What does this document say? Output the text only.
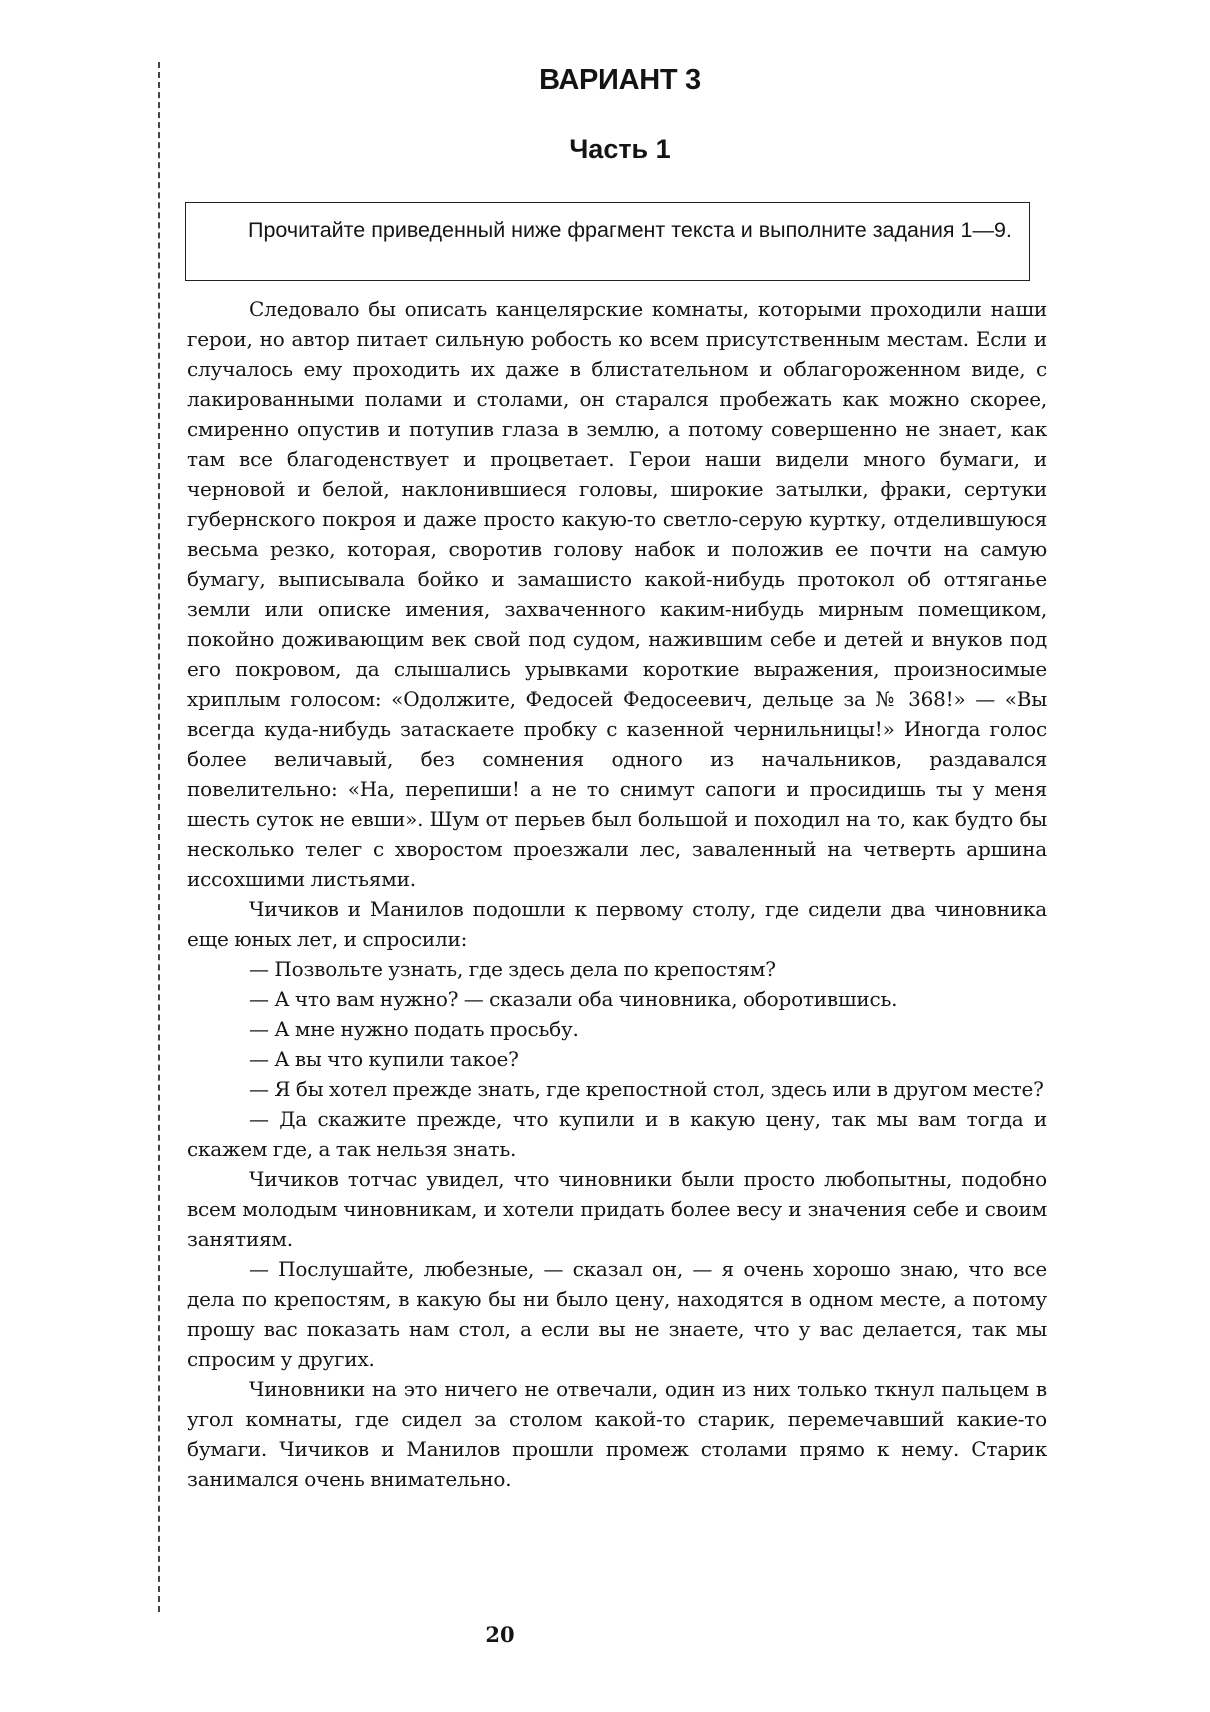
ВАРИАНТ 3
Часть 1

Прочитайте приведенный ниже фрагмент текста и выполните задания 1—9.

Следовало бы описать канцелярские комнаты, которыми проходили наши герои, но автор питает сильную робость ко всем присутственным местам. Если и случалось ему проходить их даже в блистательном и облагороженном виде, с лакированными полами и столами, он старался пробежать как можно скорее, смиренно опустив и потупив глаза в землю, а потому совершенно не знает, как там все благоденствует и процветает. Герои наши видели много бумаги, и черновой и белой, наклонившиеся головы, широкие затылки, фраки, сертуки губернского покроя и даже просто какую-то светло-серую куртку, отделившуюся весьма резко, которая, своротив голову набок и положив ее почти на самую бумагу, выписывала бойко и замашисто какой-нибудь протокол об оттяганье земли или описке имения, захваченного каким-нибудь мирным помещиком, покойно доживающим век свой под судом, нажившим себе и детей и внуков под его покровом, да слышались урывками короткие выражения, произносимые хриплым голосом: «Одолжите, Федосей Федосеевич, дельце за № 368!» — «Вы всегда куда-нибудь затаскаете пробку с казенной чернильницы!» Иногда голос более величавый, без сомнения одного из начальников, раздавался повелительно: «На, перепиши! а не то снимут сапоги и просидишь ты у меня шесть суток не евши». Шум от перьев был большой и походил на то, как будто бы несколько телег с хворостом проезжали лес, заваленный на четверть аршина иссохшими листьями.

Чичиков и Манилов подошли к первому столу, где сидели два чиновника еще юных лет, и спросили:

— Позвольте узнать, где здесь дела по крепостям?

— А что вам нужно? — сказали оба чиновника, оборотившись.

— А мне нужно подать просьбу.

— А вы что купили такое?

— Я бы хотел прежде знать, где крепостной стол, здесь или в другом месте?

— Да скажите прежде, что купили и в какую цену, так мы вам тогда и скажем где, а так нельзя знать.

Чичиков тотчас увидел, что чиновники были просто любопытны, подобно всем молодым чиновникам, и хотели придать более весу и значения себе и своим занятиям.

— Послушайте, любезные, — сказал он, — я очень хорошо знаю, что все дела по крепостям, в какую бы ни было цену, находятся в одном месте, а потому прошу вас показать нам стол, а если вы не знаете, что у вас делается, так мы спросим у других.

Чиновники на это ничего не отвечали, один из них только ткнул пальцем в угол комнаты, где сидел за столом какой-то старик, перемечавший какие-то бумаги. Чичиков и Манилов прошли промеж столами прямо к нему. Старик занимался очень внимательно.

20
